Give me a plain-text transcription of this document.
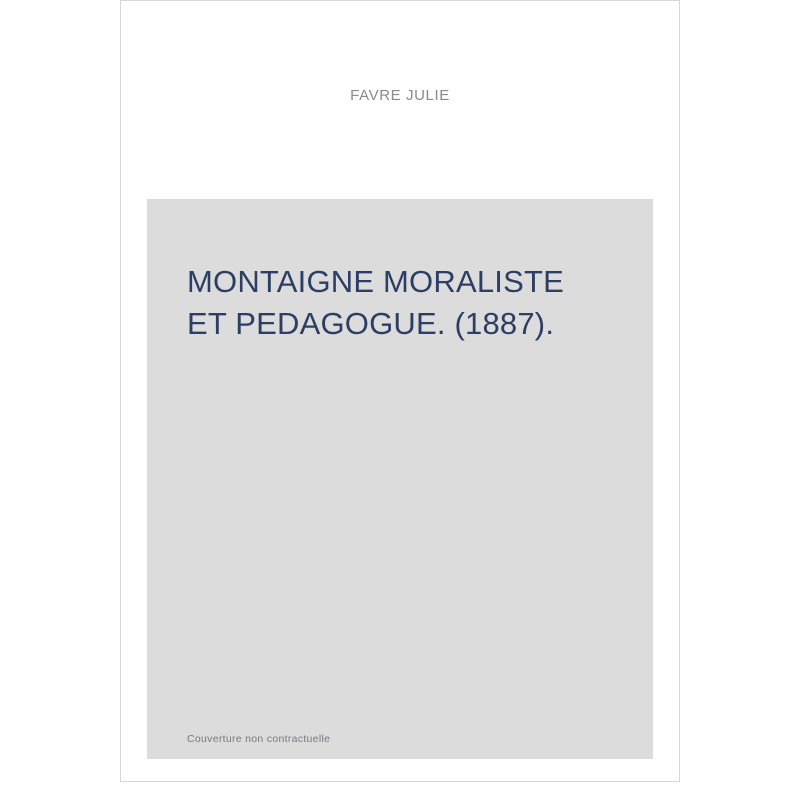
FAVRE JULIE
MONTAIGNE MORALISTE
ET PEDAGOGUE. (1887).
Couverture non contractuelle
